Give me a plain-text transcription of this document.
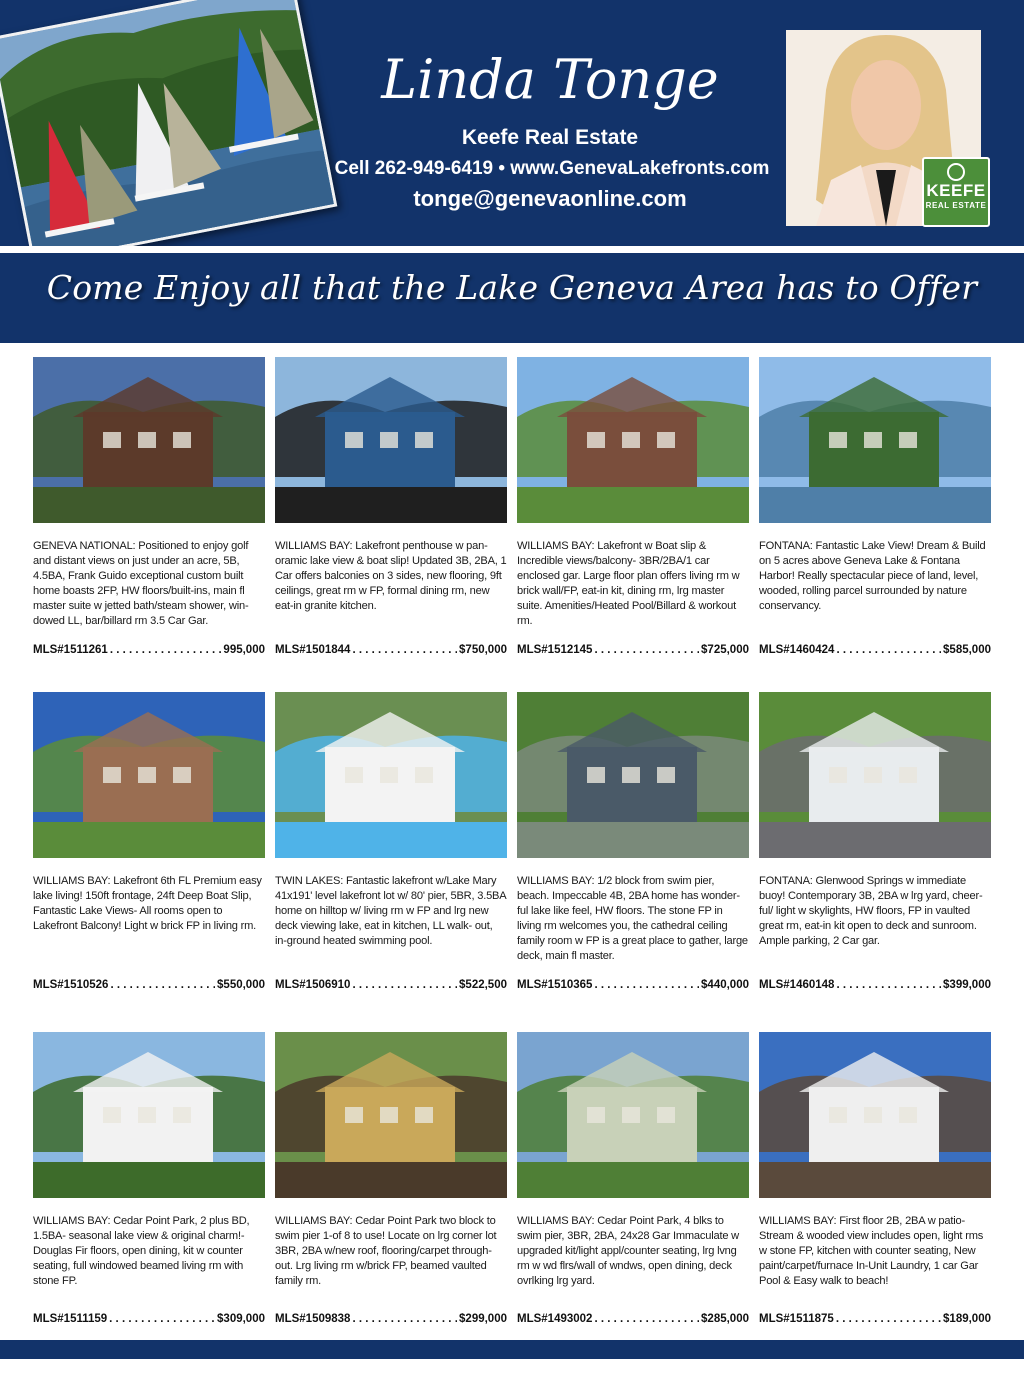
Linda Tonge
Keefe Real Estate
Cell 262-949-6419 • www.GenevaLakefronts.com
tonge@genevaonline.com	KEEFE
REAL ESTATE
Come Enjoy all that the Lake Geneva Area has to Offer
GENEVA NATIONAL: Positioned to enjoy golf and distant views on just under an acre, 5B, 4.5BA, Frank Guido exceptional custom built home boasts 2FP, HW floors/built-ins, main fl master suite w jetted bath/steam shower, win- dowed LL, bar/billard rm 3.5 Car Gar.
MLS#1511261 . . .	995,000
WILLIAMS BAY: Lakefront penthouse w pan- oramic lake view & boat slip! Updated 3B, 2BA, 1 Car offers balconies on 3 sides, new flooring, 9ft ceilings, great rm w FP, formal dining rm, new eat-in granite kitchen.
MLS#1501844 . . .	$750,000
WILLIAMS BAY: Lakefront w Boat slip & Incredible views/balcony- 3BR/2BA/1 car enclosed gar. Large floor plan offers living rm w brick wall/FP, eat-in kit, dining rm, lrg master suite. Amenities/Heated Pool/Billard & workout rm.
MLS#1512145 . . .	$725,000
FONTANA: Fantastic Lake View! Dream & Build on 5 acres above Geneva Lake & Fontana Harbor! Really spectacular piece of land, level, wooded, rolling parcel surrounded by nature conservancy.
MLS#1460424 . . .	$585,000
WILLIAMS BAY: Lakefront 6th FL Premium easy lake living! 150ft frontage, 24ft Deep Boat Slip, Fantastic Lake Views- All rooms open to Lakefront Balcony! Light w brick FP in living rm.
MLS#1510526 . . .	$550,000
TWIN LAKES: Fantastic lakefront w/Lake Mary 41x191' level lakefront lot w/ 80' pier, 5BR, 3.5BA home on hilltop w/ living rm w FP and lrg new deck viewing lake, eat in kitchen, LL walk- out, in-ground heated swimming pool.
MLS#1506910 . . .	$522,500
WILLIAMS BAY: 1/2 block from swim pier, beach. Impeccable 4B, 2BA home has wonder- ful lake like feel, HW floors. The stone FP in living rm welcomes you, the cathedral ceiling family room w FP is a great place to gather, large deck, main fl master.
MLS#1510365 . . .	$440,000
FONTANA: Glenwood Springs w immediate buoy! Contemporary 3B, 2BA w lrg yard, cheer- ful/ light w skylights, HW floors, FP in vaulted great rm, eat-in kit open to deck and sunroom. Ample parking, 2 Car gar.
MLS#1460148 . . .	$399,000
WILLIAMS BAY: Cedar Point Park, 2 plus BD, 1.5BA- seasonal lake view & original charm!- Douglas Fir floors, open dining, kit w counter seating, full windowed beamed living rm with stone FP.
MLS#1511159 . . .	$309,000
WILLIAMS BAY: Cedar Point Park two block to swim pier 1-of 8 to use! Locate on lrg corner lot 3BR, 2BA w/new roof, flooring/carpet through- out. Lrg living rm w/brick FP, beamed vaulted family rm.
MLS#1509838 . . .	$299,000
WILLIAMS BAY: Cedar Point Park, 4 blks to swim pier, 3BR, 2BA, 24x28 Gar Immaculate w upgraded kit/light appl/counter seating, lrg lvng rm w wd flrs/wall of wndws, open dining, deck ovrlking lrg yard.
MLS#1493002 . . .	$285,000
WILLIAMS BAY: First floor 2B, 2BA w patio- Stream & wooded view includes open, light rms w stone FP, kitchen with counter seating, New paint/carpet/furnace In-Unit Laundry, 1 car Gar Pool & Easy walk to beach!
MLS#1511875 . . .	$189,000
